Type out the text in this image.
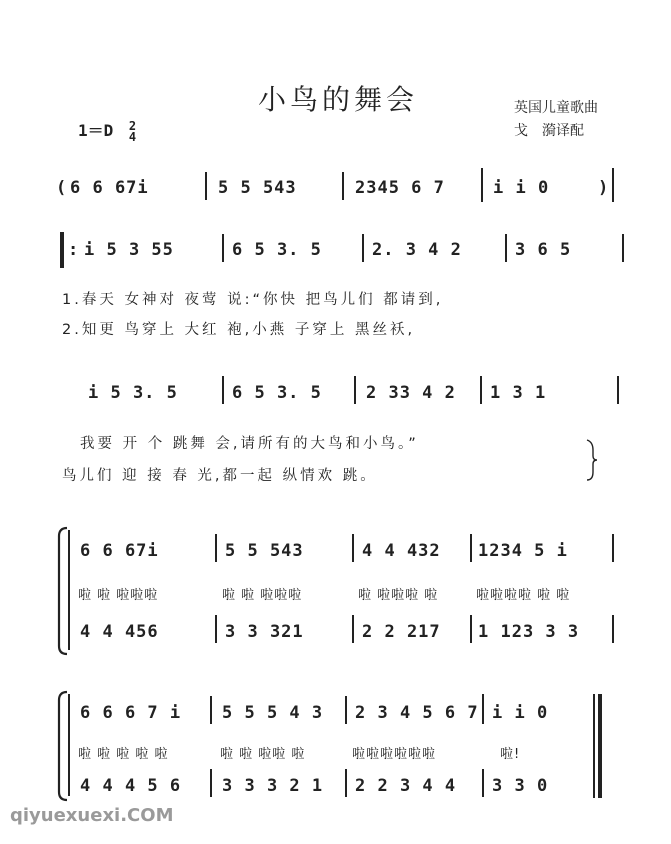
小鸟的舞会	英国儿童歌曲
戈　漪译配
1＝D 2
4
( 6 6 67i	5 5 543	2345 6 7	i i 0	)
: i 5 3 55	6 5 3. 5	2. 3 4 2	3 6 5
1.春天 女神对 夜莺 说:“你快 把鸟儿们 都请到,
2.知更 鸟穿上 大红 袍,小燕 子穿上 黑丝袄,
i 5 3. 5	6 5 3. 5	2 33 4 2 1 3 1
我要 开 个 跳舞 会,请所有的大鸟和小鸟。”
鸟儿们 迎 接 春 光,都一起 纵情欢 跳。
6 6 67i	5 5 543	4 4 432 1234 5 i
啦 啦 啦啦啦	啦 啦 啦啦啦	啦 啦啦啦 啦	啦啦啦啦 啦 啦
4 4 456	3 3 321	2 2 217 1 123 3 3
6 6 6 7 i 5 5 5 4 3 2 3 4 5 6 7 i i 0
啦 啦 啦 啦 啦	啦 啦 啦啦 啦	啦啦啦啦啦啦	啦!
4 4 4 5 6 3 3 3 2 1 2 2 3 4 4 3 3 0
qiyuexuexi.COM
